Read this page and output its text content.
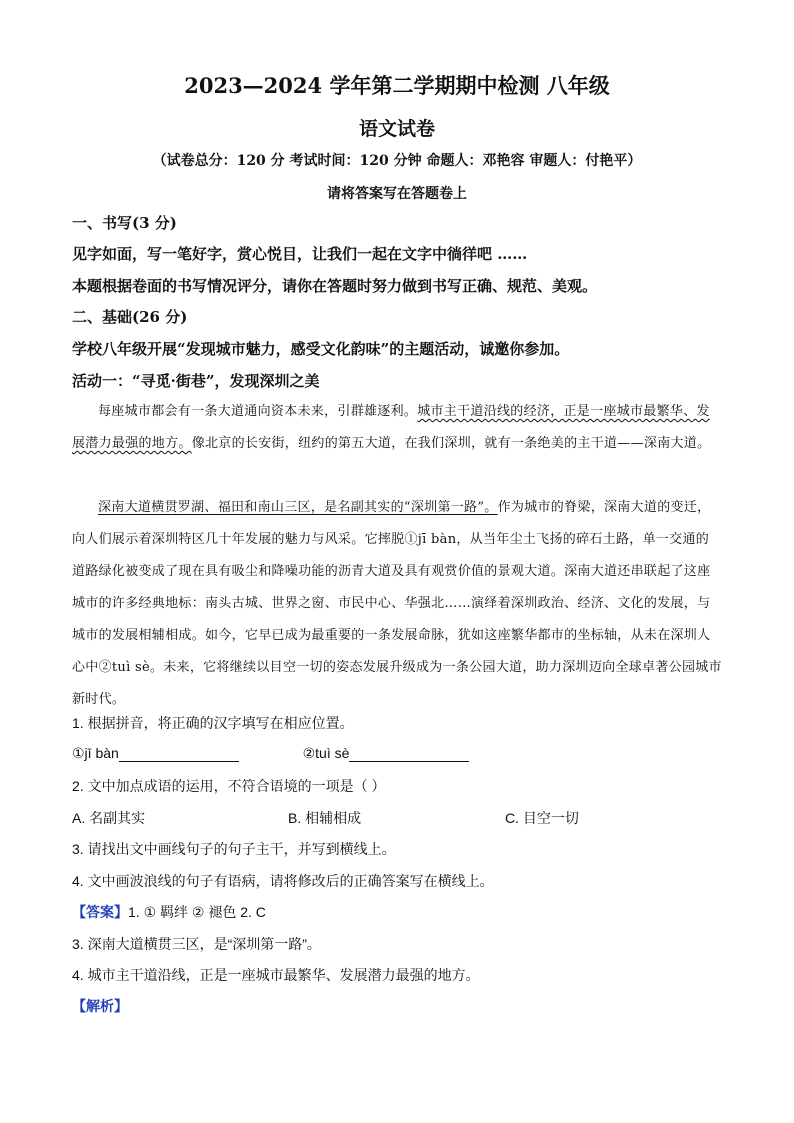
2023—2024 学年第二学期期中检测 八年级
语文试卷
（试卷总分：120 分 考试时间：120 分钟 命题人：邓艳容 审题人：付艳平）
请将答案写在答题卷上
一、书写(3 分)
见字如面，写一笔好字，赏心悦目，让我们一起在文字中徜徉吧 ……
本题根据卷面的书写情况评分，请你在答题时努力做到书写正确、规范、美观。
二、基础(26 分)
学校八年级开展“发现城市魅力，感受文化韵味”的主题活动，诚邀你参加。
活动一：“寻觅·街巷”，发现深圳之美
每座城市都会有一条大道通向资本未来，引群雄逐利。城市主干道沿线的经济，正是一座城市最繁华、发展潜力最强的地方。像北京的长安街，纽约的第五大道，在我们深圳，就有一条绝美的主干道——深南大道。
深南大道横贯罗湖、福田和南山三区，是名副其实的“深圳第一路”。作为城市的脊梁，深南大道的变迁，向人们展示着深圳特区几十年发展的魅力与风采。它摔脱①jī bàn，从当年尘土飞扬的碎石土路，单一交通的道路绿化被变成了现在具有吸尘和降噪功能的沥青大道及具有观赏价值的景观大道。深南大道还串联起了这座城市的许多经典地标：南头古城、世界之窗、市民中心、华强北……演绎着深圳政治、经济、文化的发展，与城市的发展相辅相成。如今，它早已成为最重要的一条发展命脉，犹如这座繁华都市的坐标轴，从未在深圳人心中②tuì sè。未来，它将继续以目空一切的姿态发展升级成为一条公园大道，助力深圳迈向全球卓著公园城市新时代。
1. 根据拼音，将正确的汉字填写在相应位置。
①jī bàn	②tuì sè
2. 文中加点成语的运用，不符合语境的一项是（ ）
A. 名副其实	B. 相辅相成	C. 目空一切
3. 请找出文中画线句子的句子主干，并写到横线上。
4. 文中画波浪线的句子有语病，请将修改后的正确答案写在横线上。
【答案】1. ① 羁绊 ② 褪色 2. C
3. 深南大道横贯三区，是“深圳第一路”。
4. 城市主干道沿线，正是一座城市最繁华、发展潜力最强的地方。
【解析】
